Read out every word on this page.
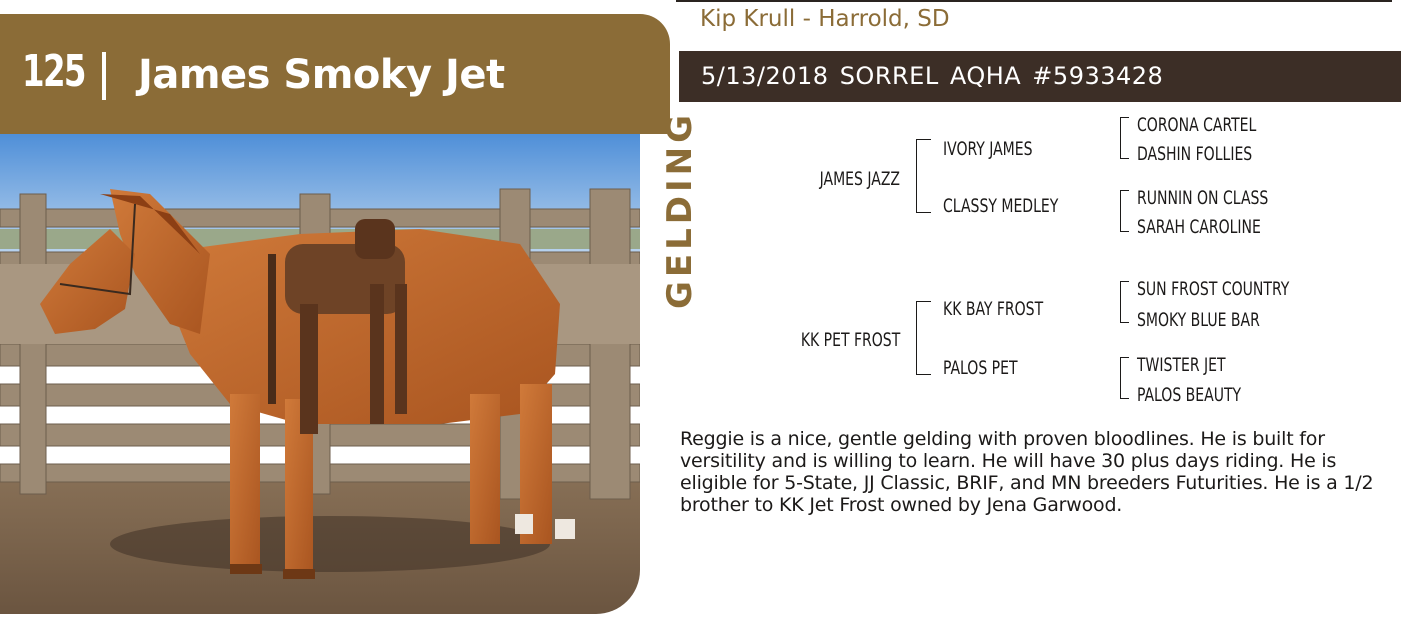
125 James Smoky Jet
Kip Krull - Harrold, SD
5/13/2018 SORREL AQHA #5933428
GELDING	JAMES JAZZ
IVORY JAMES
CLASSY MEDLEY
CORONA CARTEL
DASHIN FOLLIES
RUNNIN ON CLASS
SARAH CAROLINE
KK PET FROST
KK BAY FROST
PALOS PET
SUN FROST COUNTRY
SMOKY BLUE BAR
TWISTER JET
PALOS BEAUTY
Reggie is a nice, gentle gelding with proven bloodlines. He is built for versitility and is willing to learn. He will have 30 plus days riding. He is eligible for 5-State, JJ Classic, BRIF, and MN breeders Futurities. He is a 1/2 brother to KK Jet Frost owned by Jena Garwood.
